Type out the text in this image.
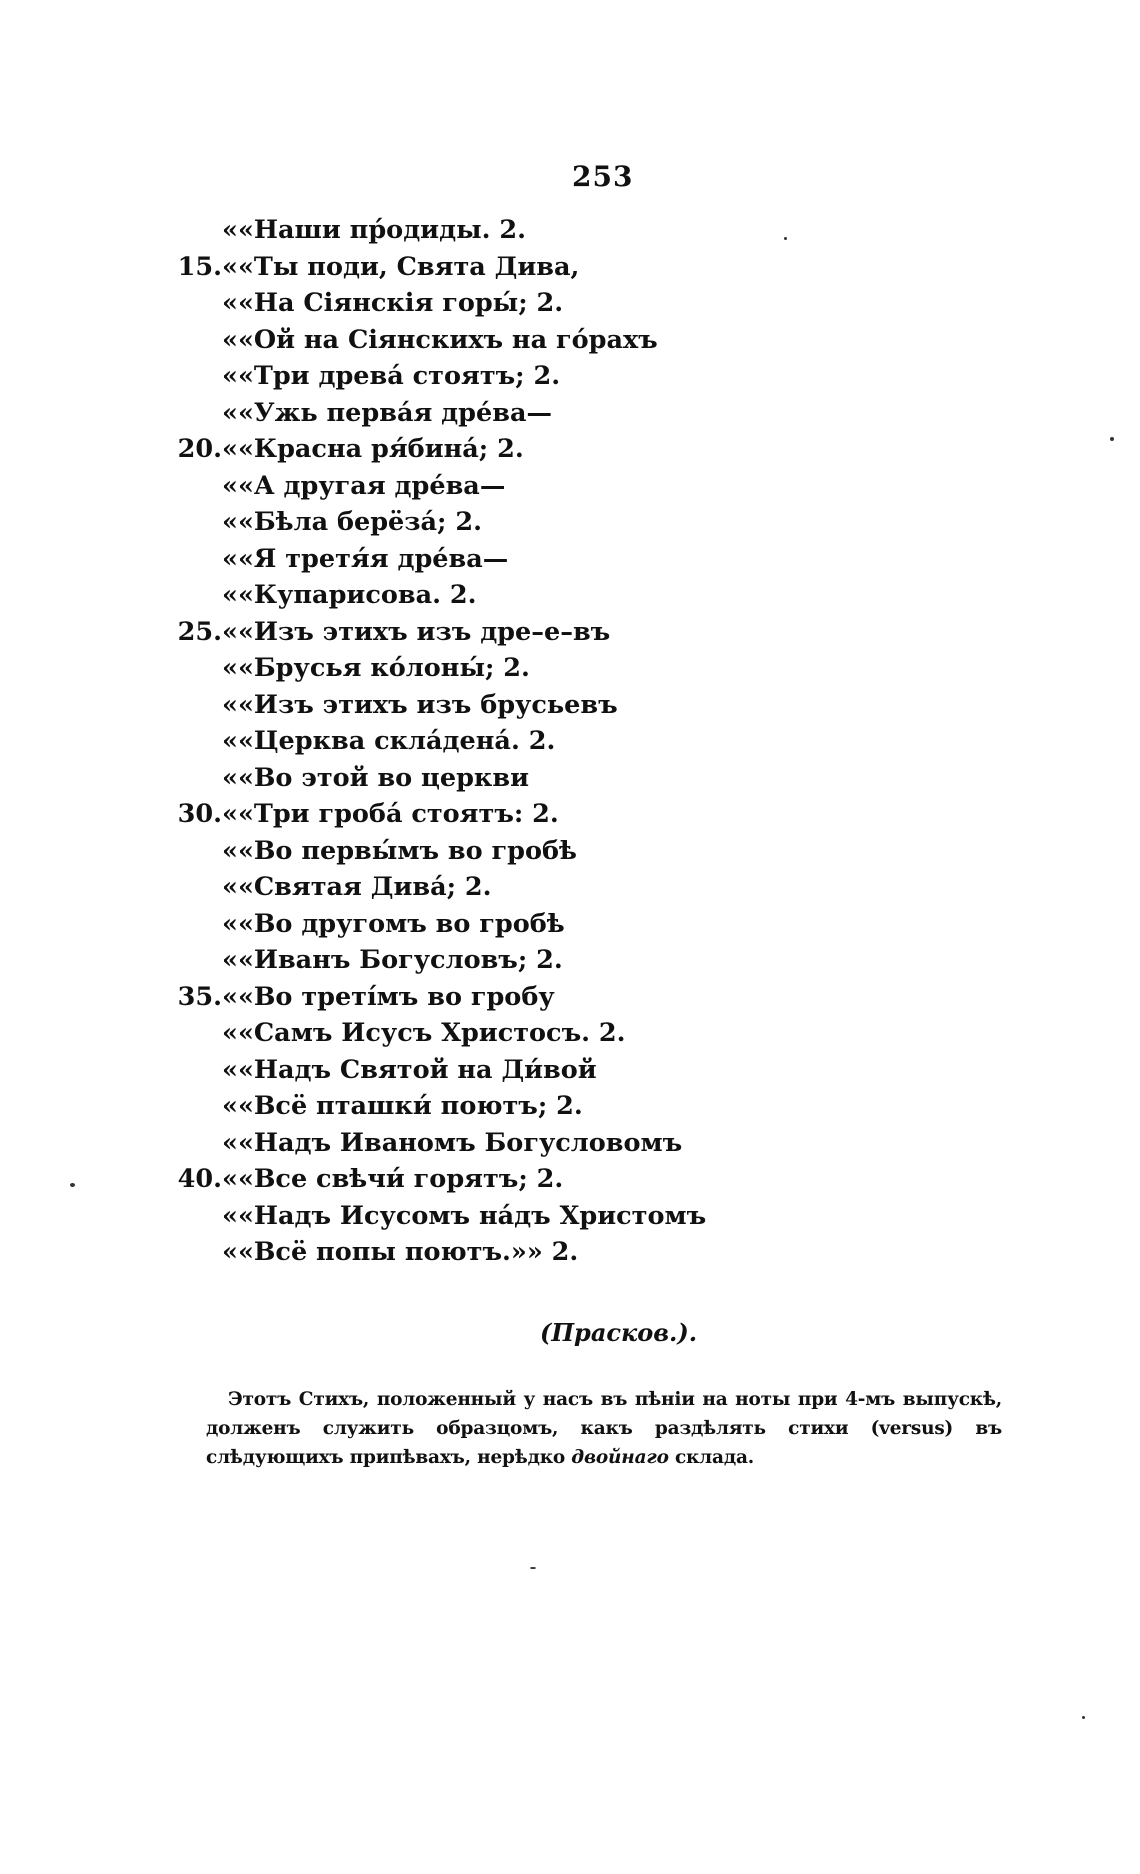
253
««Наши пр́одиды. 2.
15. ««Ты поди, Свята Дива,
««На Сіянскія горы́; 2.
««Ой на Сіянскихъ на го́рахъ
««Три древа́ стоятъ; 2.
««Ужь перва́я дре́ва—
20. ««Красна ря́бина́; 2.
««А другая дре́ва—
««Бѣла берёза́; 2.
««Я третя́я дре́ва—
««Купарисова. 2.
25. ««Изъ этихъ изъ дре–е–въ
««Брусья ко́лоны́; 2.
««Изъ этихъ изъ брусьевъ
««Церква скла́дена́. 2.
««Во этой во церкви
30. ««Три гроба́ стоятъ: 2.
««Во первы́мъ во гробѣ
««Святая Дива́; 2.
««Во другомъ во гробѣ
««Иванъ Богусловъ; 2.
35. ««Во третíмъ во гробу
««Самъ Исусъ Христосъ. 2.
««Надъ Святой на Ди́вой
««Всё пташки́ поютъ; 2.
««Надъ Иваномъ Богусловомъ
40. ««Все свѣчи́ горятъ; 2.
««Надъ Исусомъ на́дъ Христомъ
««Всё попы поютъ.»» 2.
(Прасков.).
Этотъ Стихъ, положенный у насъ въ пѣніи на ноты при 4-мъ выпускѣ, долженъ служить образцомъ, какъ раздѣлять стихи (versus) въ слѣдующихъ припѣвахъ, нерѣдко двойнаго склада.
